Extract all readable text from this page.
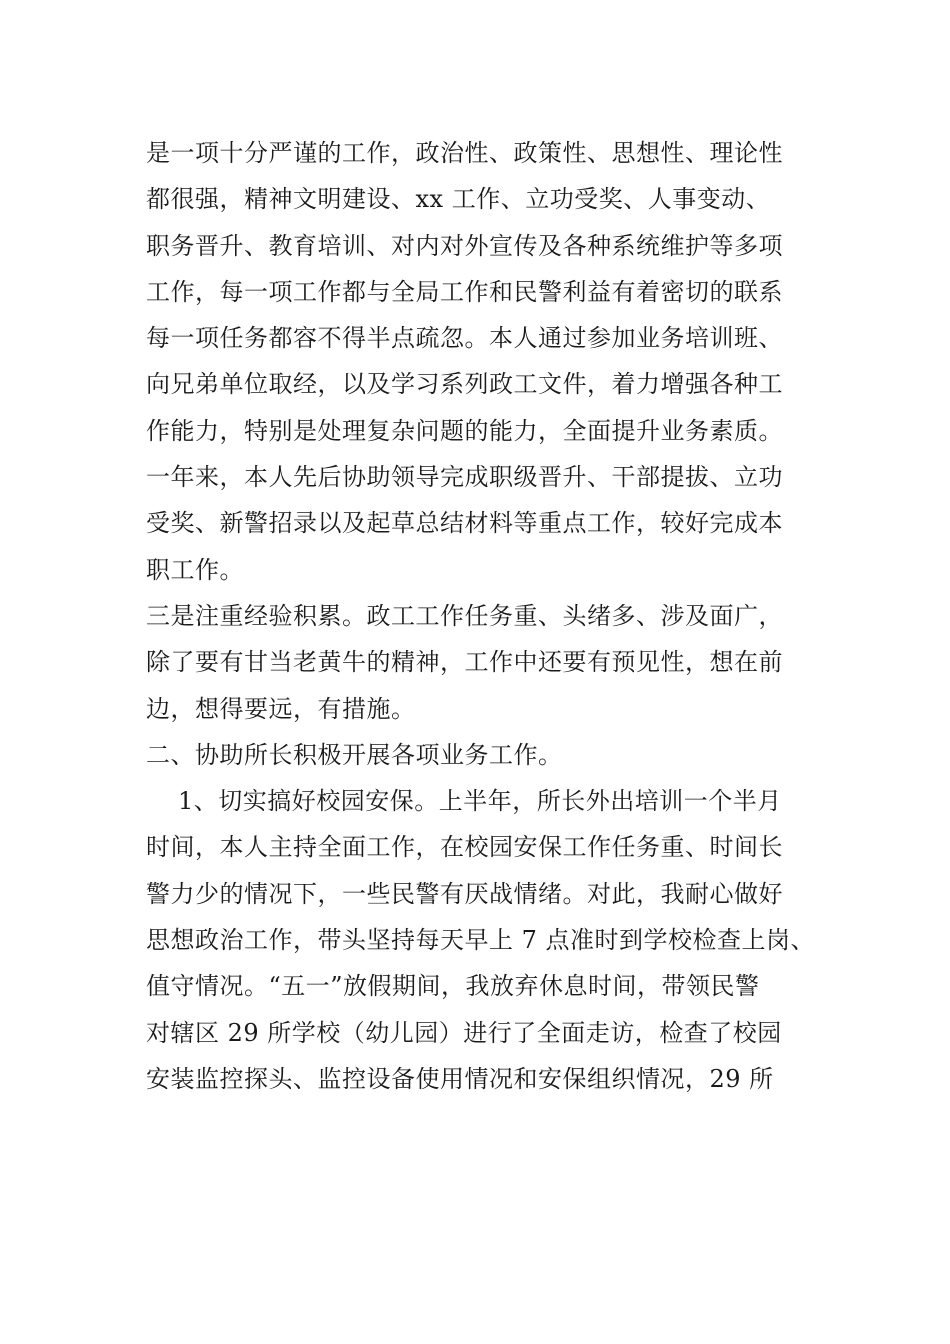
是一项十分严谨的工作，政治性、政策性、思想性、理论性
都很强，精神文明建设、xx 工作、立功受奖、人事变动、
职务晋升、教育培训、对内对外宣传及各种系统维护等多项
工作，每一项工作都与全局工作和民警利益有着密切的联系
每一项任务都容不得半点疏忽。本人通过参加业务培训班、
向兄弟单位取经，以及学习系列政工文件，着力增强各种工
作能力，特别是处理复杂问题的能力，全面提升业务素质。
一年来，本人先后协助领导完成职级晋升、干部提拔、立功
受奖、新警招录以及起草总结材料等重点工作，较好完成本
职工作。
三是注重经验积累。政工工作任务重、头绪多、涉及面广，
除了要有甘当老黄牛的精神，工作中还要有预见性，想在前
边，想得要远，有措施。
二、协助所长积极开展各项业务工作。
1、切实搞好校园安保。上半年，所长外出培训一个半月
时间，本人主持全面工作，在校园安保工作任务重、时间长
警力少的情况下，一些民警有厌战情绪。对此，我耐心做好
思想政治工作，带头坚持每天早上 7 点准时到学校检查上岗、
值守情况。“五一”放假期间，我放弃休息时间，带领民警
对辖区 29 所学校（幼儿园）进行了全面走访，检查了校园
安装监控探头、监控设备使用情况和安保组织情况，29 所
